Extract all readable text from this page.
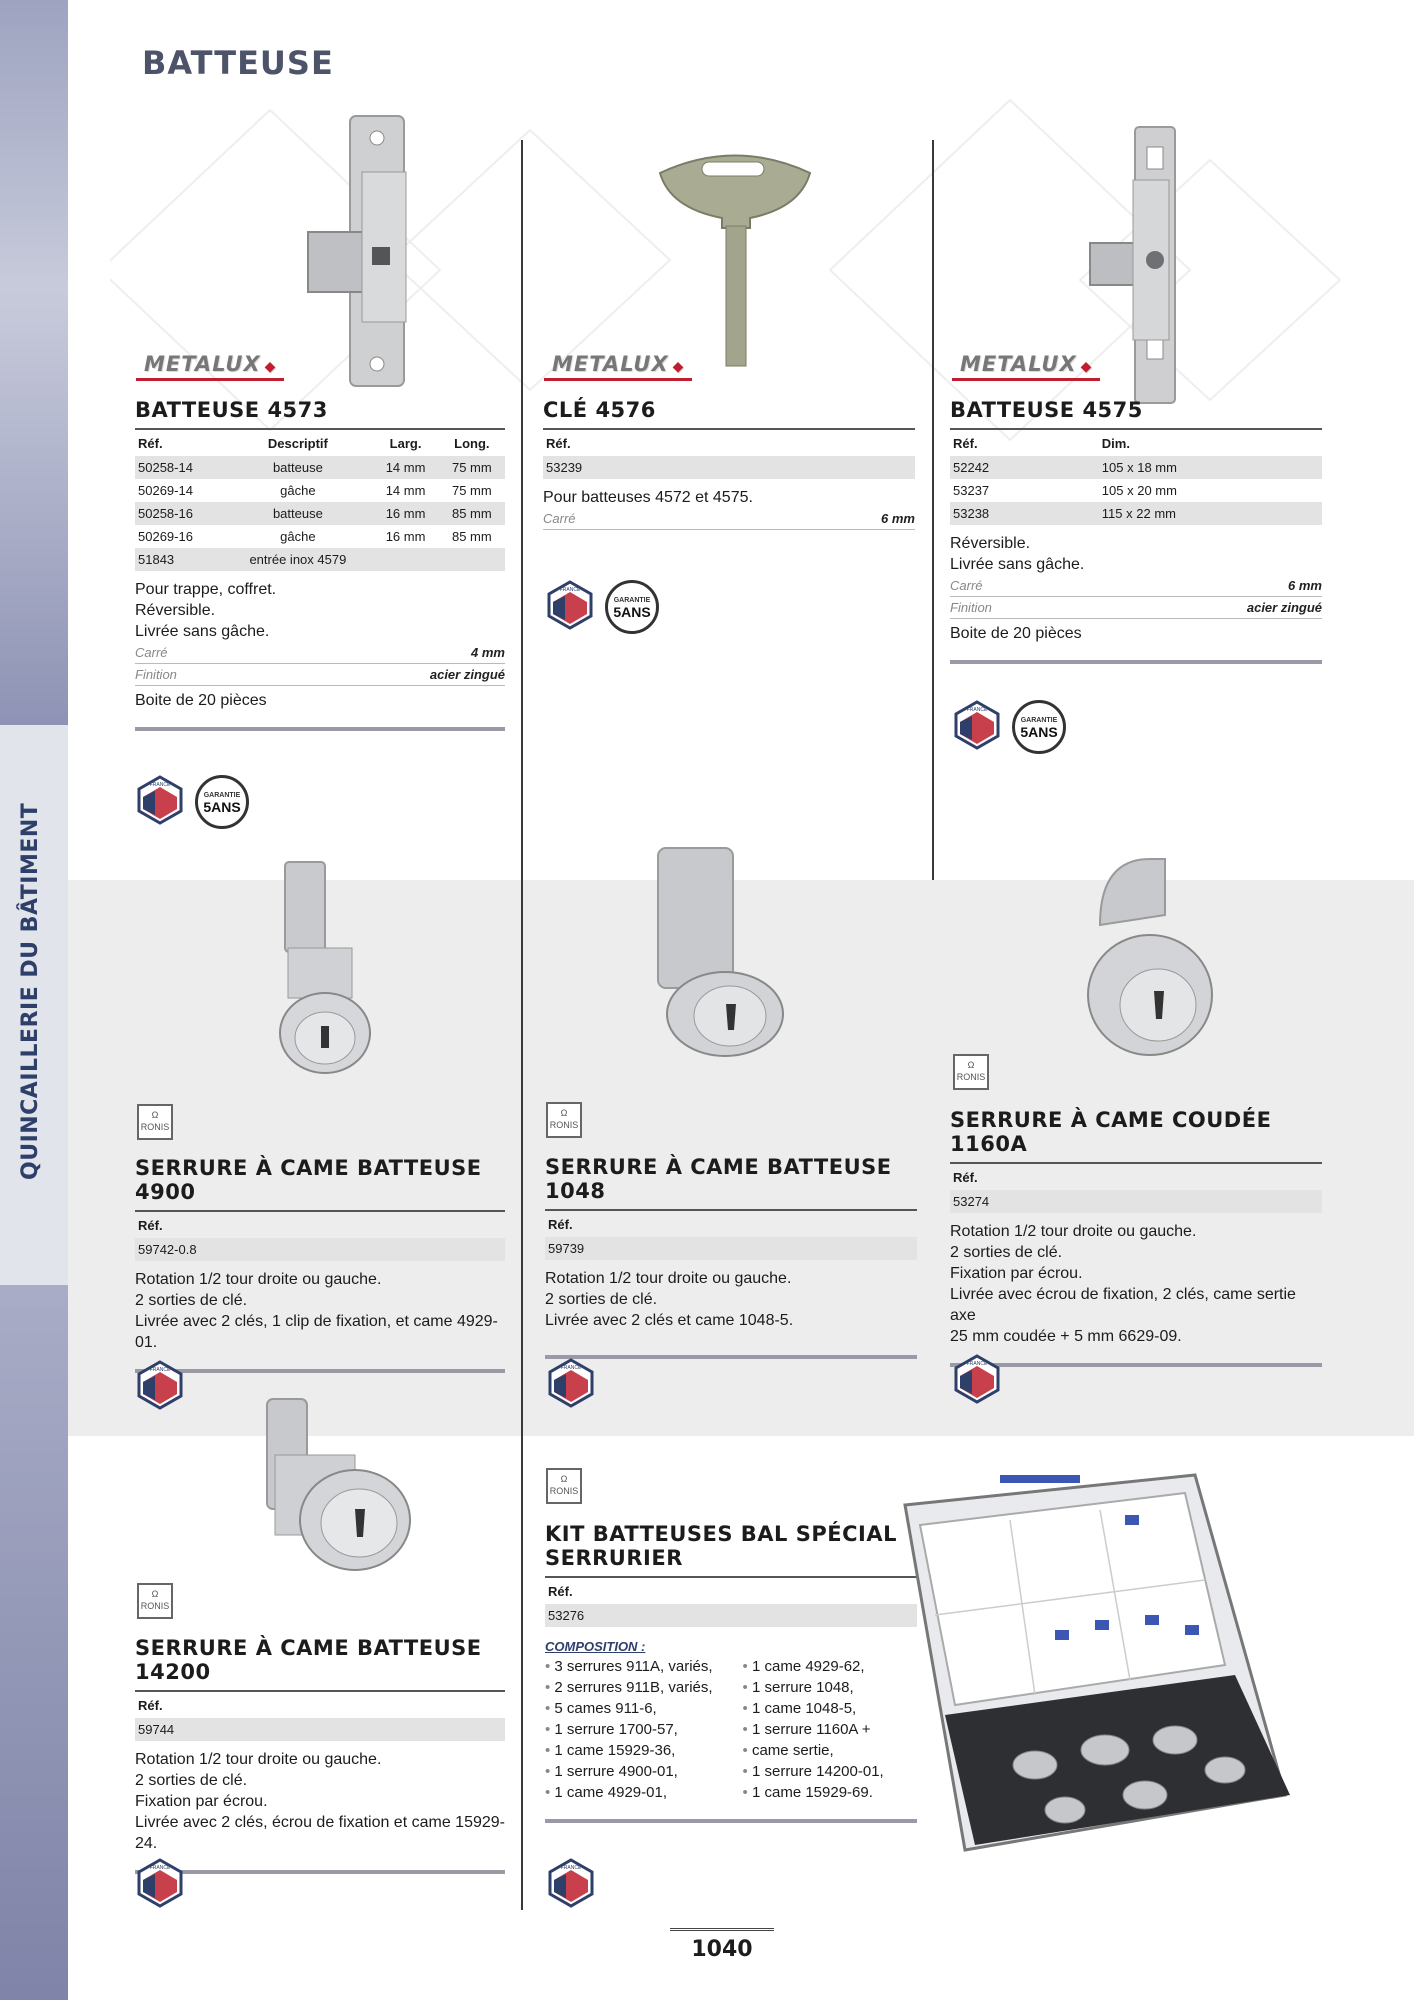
QUINCAILLERIE DU BÂTIMENT
BATTEUSE
METALUX ◆
BATTEUSE 4573
Réf.	Descriptif	Larg.	Long.
50258-14	batteuse	14 mm	75 mm
50269-14	gâche	14 mm	75 mm
50258-16	batteuse	16 mm	85 mm
50269-16	gâche	16 mm	85 mm
51843	entrée inox 4579		
Pour trappe, coffret.
Réversible.
Livrée sans gâche.
Carré	4 mm
Finition	acier zingué
Boite de 20 pièces
FRANCE
GARANTIE
5ANS
METALUX ◆
CLÉ 4576
Réf.
53239
Pour batteuses 4572 et 4575.
Carré	6 mm
FRANCE
GARANTIE
5ANS
METALUX ◆
BATTEUSE 4575
Réf.	Dim.
52242	105 x 18 mm
53237	105 x 20 mm
53238	115 x 22 mm
Réversible.
Livrée sans gâche.
Carré	6 mm
Finition	acier zingué
Boite de 20 pièces
FRANCE
GARANTIE
5ANS
Ω
RONIS
SERRURE À CAME BATTEUSE 4900
Réf.
59742-0.8
Rotation 1/2 tour droite ou gauche.
2 sorties de clé.
Livrée avec 2 clés, 1 clip de fixation, et came 4929-01.
FRANCE
Ω
RONIS
SERRURE À CAME BATTEUSE 1048
Réf.
59739
Rotation 1/2 tour droite ou gauche.
2 sorties de clé.
Livrée avec 2 clés et came 1048-5.
FRANCE
Ω
RONIS
SERRURE À CAME COUDÉE 1160A
Réf.
53274
Rotation 1/2 tour droite ou gauche.
2 sorties de clé.
Fixation par écrou.
Livrée avec écrou de fixation, 2 clés, came sertie axe
25 mm coudée + 5 mm 6629-09.
FRANCE
Ω
RONIS
SERRURE À CAME BATTEUSE 14200
Réf.
59744
Rotation 1/2 tour droite ou gauche.
2 sorties de clé.
Fixation par écrou.
Livrée avec 2 clés, écrou de fixation et came 15929-24.
FRANCE
Ω
RONIS
KIT BATTEUSES BAL SPÉCIAL
SERRURIER
Réf.
53276
COMPOSITION :
• 3 serrures 911A, variés,
• 2 serrures 911B, variés,
• 5 cames 911-6,
• 1 serrure 1700-57,
• 1 came 15929-36,
• 1 serrure 4900-01,
• 1 came 4929-01,
• 1 came 4929-62,
• 1 serrure 1048,
• 1 came 1048-5,
• 1 serrure 1160A +
• came sertie,
• 1 serrure 14200-01,
• 1 came 15929-69.
FRANCE
1040
